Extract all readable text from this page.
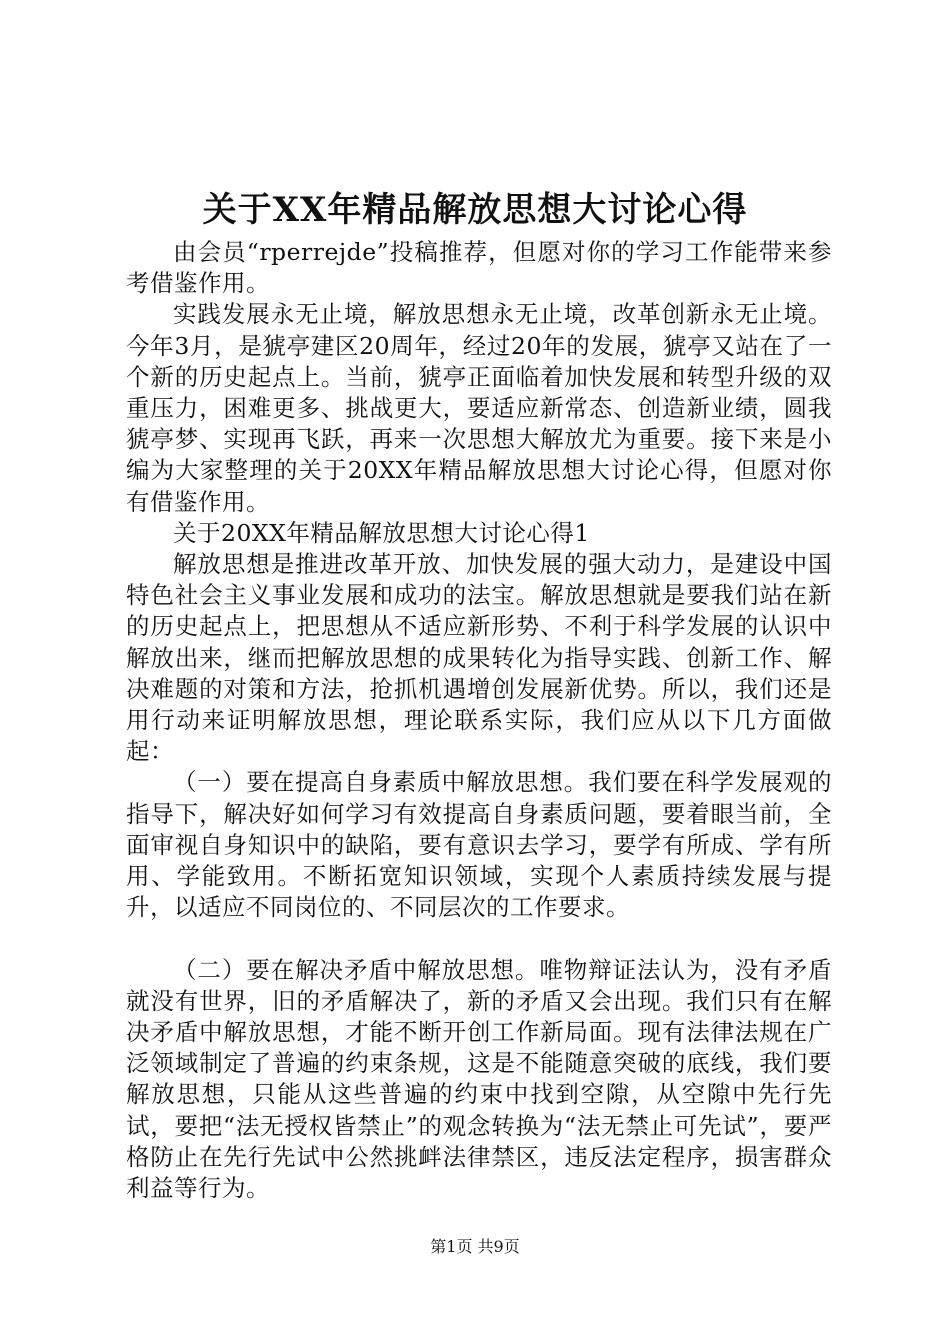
关于XX年精品解放思想大讨论心得

由会员“rperrejde”投稿推荐，但愿对你的学习工作能带来参考借鉴作用。

实践发展永无止境，解放思想永无止境，改革创新永无止境。今年3月，是猇亭建区20周年，经过20年的发展，猇亭又站在了一个新的历史起点上。当前，猇亭正面临着加快发展和转型升级的双重压力，困难更多、挑战更大，要适应新常态、创造新业绩，圆我猇亭梦、实现再飞跃，再来一次思想大解放尤为重要。接下来是小编为大家整理的关于20XX年精品解放思想大讨论心得，但愿对你有借鉴作用。

关于20XX年精品解放思想大讨论心得1

解放思想是推进改革开放、加快发展的强大动力，是建设中国特色社会主义事业发展和成功的法宝。解放思想就是要我们站在新的历史起点上，把思想从不适应新形势、不利于科学发展的认识中解放出来，继而把解放思想的成果转化为指导实践、创新工作、解决难题的对策和方法，抢抓机遇增创发展新优势。所以，我们还是用行动来证明解放思想，理论联系实际，我们应从以下几方面做起：

（一）要在提高自身素质中解放思想。我们要在科学发展观的指导下，解决好如何学习有效提高自身素质问题，要着眼当前，全面审视自身知识中的缺陷，要有意识去学习，要学有所成、学有所用、学能致用。不断拓宽知识领域，实现个人素质持续发展与提升，以适应不同岗位的、不同层次的工作要求。

（二）要在解决矛盾中解放思想。唯物辩证法认为，没有矛盾就没有世界，旧的矛盾解决了，新的矛盾又会出现。我们只有在解决矛盾中解放思想，才能不断开创工作新局面。现有法律法规在广泛领域制定了普遍的约束条规，这是不能随意突破的底线，我们要解放思想，只能从这些普遍的约束中找到空隙，从空隙中先行先试，要把“法无授权皆禁止”的观念转换为“法无禁止可先试”，要严格防止在先行先试中公然挑衅法律禁区，违反法定程序，损害群众利益等行为。

第1页 共9页
